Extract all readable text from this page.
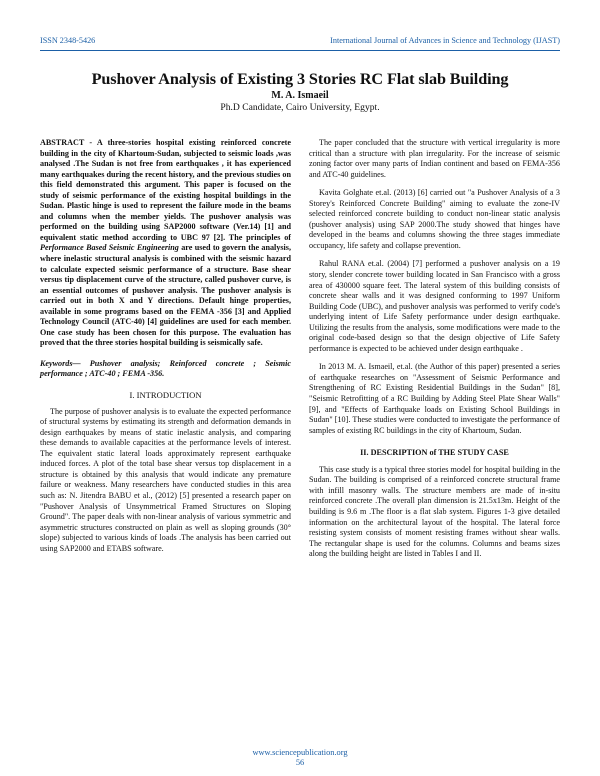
ISSN 2348-5426	International Journal of Advances in Science and Technology (IJAST)
Pushover Analysis of Existing 3 Stories RC Flat slab Building
M. A. Ismaeil
Ph.D Candidate, Cairo University, Egypt.

ABSTRACT - A three-stories hospital existing reinforced concrete building in the city of Khartoum-Sudan, subjected to seismic loads ,was analysed .The Sudan is not free from earthquakes , it has experienced many earthquakes during the recent history, and the previous studies on this field demonstrated this argument. This paper is focused on the study of seismic performance of the existing hospital buildings in the Sudan. Plastic hinge is used to represent the failure mode in the beams and columns when the member yields. The pushover analysis was performed on the building using SAP2000 software (Ver.14) [1] and equivalent static method according to UBC 97 [2]. The principles of Performance Based Seismic Engineering are used to govern the analysis, where inelastic structural analysis is combined with the seismic hazard to calculate expected seismic performance of a structure. Base shear versus tip displacement curve of the structure, called pushover curve, is an essential outcomes of pushover analysis. The pushover analysis is carried out in both X and Y directions. Default hinge properties, available in some programs based on the FEMA -356 [3] and Applied Technology Council (ATC-40) [4] guidelines are used for each member. One case study has been chosen for this purpose. The evaluation has proved that the three stories hospital building is seismically safe.

Keywords— Pushover analysis; Reinforced concrete ; Seismic performance ; ATC-40 ; FEMA -356.

I. INTRODUCTION

The purpose of pushover analysis is to evaluate the expected performance of structural systems by estimating its strength and deformation demands in design earthquakes by means of static inelastic analysis, and comparing these demands to available capacities at the performance levels of interest. The equivalent static lateral loads approximately represent earthquake induced forces. A plot of the total base shear versus top displacement in a structure is obtained by this analysis that would indicate any premature failure or weakness. Many researchers have conducted studies in this area such as: N. Jitendra BABU et al., (2012) [5] presented a research paper on "Pushover Analysis of Unsymmetrical Framed Structures on Sloping Ground". The paper deals with non-linear analysis of various symmetric and asymmetric structures constructed on plain as well as sloping grounds (30° slope) subjected to various kinds of loads .The analysis has been carried out using SAP2000 and ETABS software.

The paper concluded that the structure with vertical irregularity is more critical than a structure with plan irregularity. For the increase of seismic zoning factor over many parts of Indian continent and based on FEMA-356 and ATC-40 guidelines.

Kavita Golghate et.al. (2013) [6] carried out "a Pushover Analysis of a 3 Storey's Reinforced Concrete Building" aiming to evaluate the zone-IV selected reinforced concrete building to conduct non-linear static analysis (pushover analysis) using SAP 2000.The study showed that hinges have developed in the beams and columns showing the three stages immediate occupancy, life safety and collapse prevention.

Rahul RANA et.al. (2004) [7] performed a pushover analysis on a 19 story, slender concrete tower building located in San Francisco with a gross area of 430000 square feet. The lateral system of this building consists of concrete shear walls and it was designed conforming to 1997 Uniform Building Code (UBC), and pushover analysis was performed to verify code's underlying intent of Life Safety performance under design earthquake. Utilizing the results from the analysis, some modifications were made to the original code-based design so that the design objective of Life Safety performance is expected to be achieved under design earthquake .

In 2013 M. A. Ismaeil, et.al. (the Author of this paper) presented a series of earthquake researches on "Assessment of Seismic Performance and Strengthening of RC Existing Residential Buildings in the Sudan" [8], "Seismic Retrofitting of a RC Building by Adding Steel Plate Shear Walls" [9], and "Effects of Earthquake loads on Existing School Buildings in Sudan" [10]. These studies were conducted to investigate the performance of samples of existing RC buildings in the city of Khartoum, Sudan.

II. DESCRIPTION of THE STUDY CASE

This case study is a typical three stories model for hospital building in the Sudan. The building is comprised of a reinforced concrete structural frame with infill masonry walls. The structure members are made of in-situ reinforced concrete .The overall plan dimension is 21.5x13m. Height of the building is 9.6 m .The floor is a flat slab system. Figures 1-3 give detailed information on the architectural layout of the hospital. The lateral force resisting system consists of moment resisting frames without shear walls. The rectangular shape is used for the columns. Columns and beams sizes along the building height are listed in Tables I and II.

www.sciencepublication.org
56
